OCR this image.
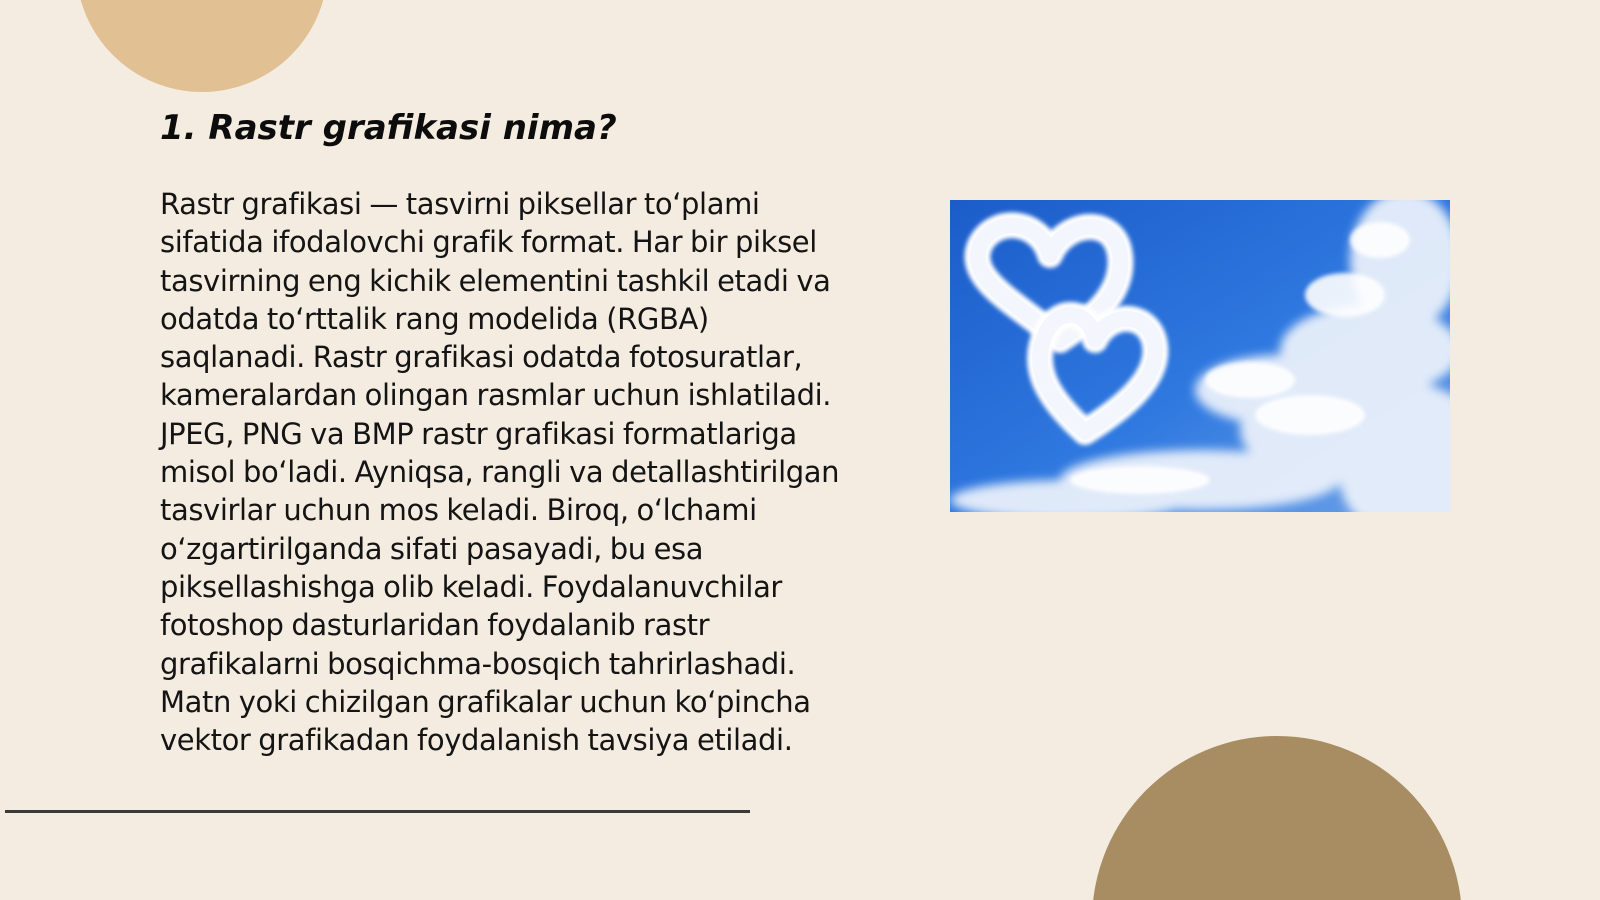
1. Rastr grafikasi nima?

Rastr grafikasi — tasvirni piksellar toʻplami sifatida ifodalovchi grafik format. Har bir piksel tasvirning eng kichik elementini tashkil etadi va odatda toʻrttalik rang modelida (RGBA) saqlanadi. Rastr grafikasi odatda fotosuratlar, kameralardan olingan rasmlar uchun ishlatiladi. JPEG, PNG va BMP rastr grafikasi formatlariga misol boʻladi. Ayniqsa, rangli va detallashtirilgan tasvirlar uchun mos keladi. Biroq, oʻlchami oʻzgartirilganda sifati pasayadi, bu esa piksellashishga olib keladi. Foydalanuvchilar fotoshop dasturlaridan foydalanib rastr grafikalarni bosqichma-bosqich tahrirlashadi. Matn yoki chizilgan grafikalar uchun koʻpincha vektor grafikadan foydalanish tavsiya etiladi.
